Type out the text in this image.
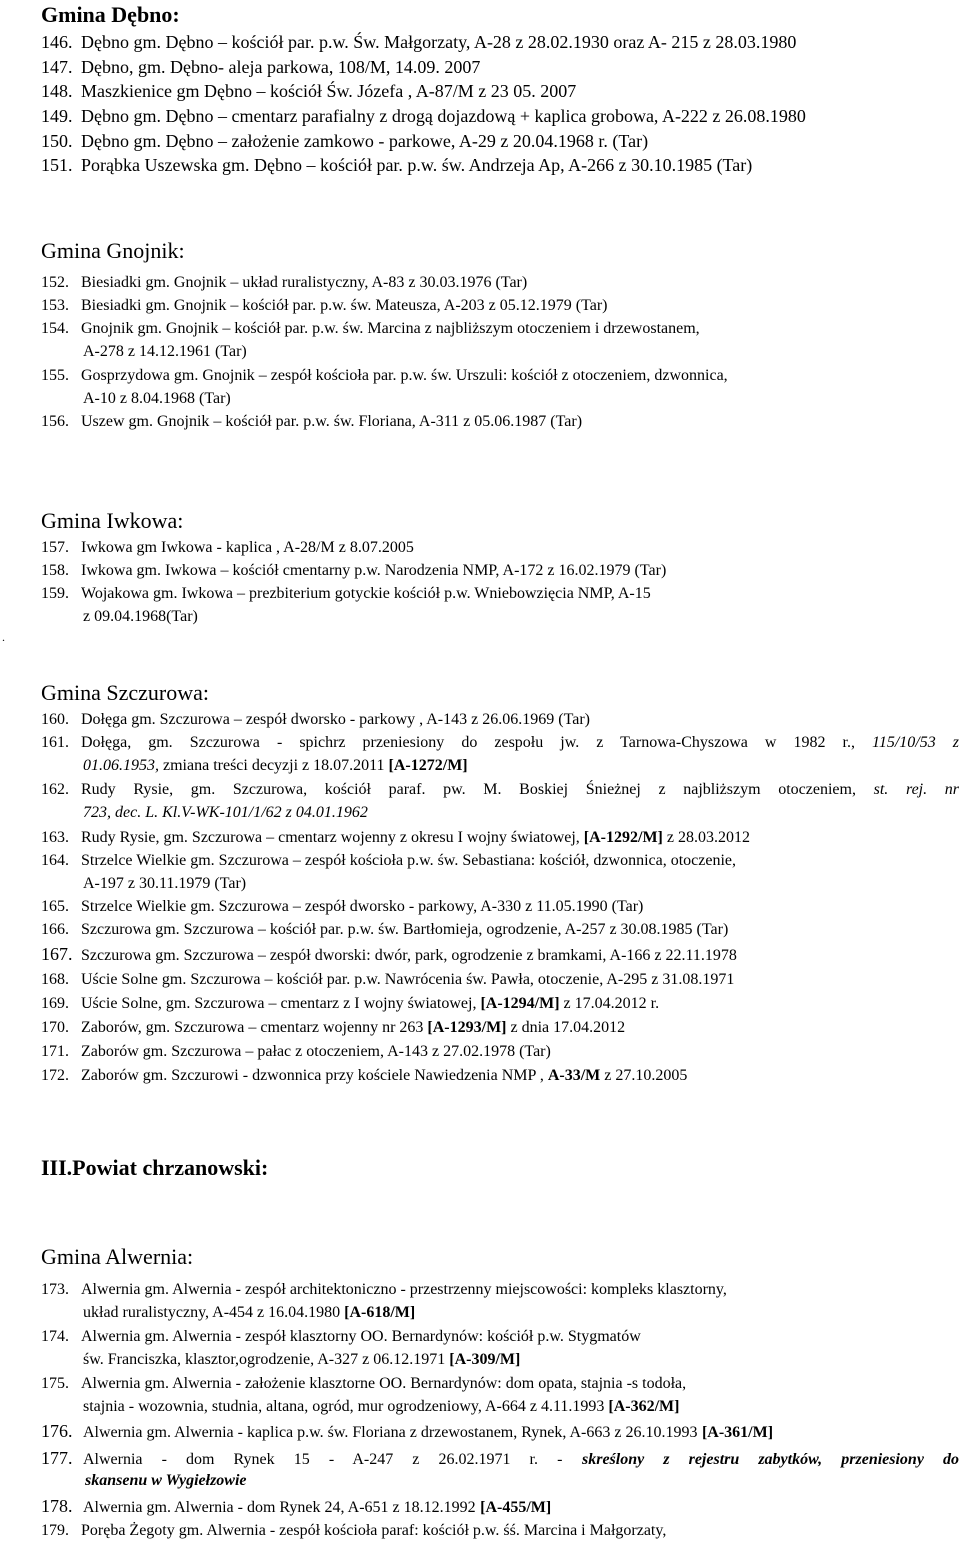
Gmina Dębno:
146. Dębno gm. Dębno – kościół par. p.w. Św. Małgorzaty, A-28 z 28.02.1930 oraz A- 215 z 28.03.1980
147. Dębno, gm. Dębno- aleja parkowa, 108/M, 14.09. 2007
148. Maszkienice gm Dębno – kościół Św. Józefa , A-87/M z 23 05. 2007
149. Dębno gm. Dębno – cmentarz parafialny z drogą dojazdową + kaplica grobowa, A-222 z 26.08.1980
150. Dębno gm. Dębno – założenie zamkowo - parkowe, A-29 z 20.04.1968 r. (Tar)
151. Porąbka Uszewska gm. Dębno – kościół par. p.w. św. Andrzeja Ap, A-266 z 30.10.1985 (Tar)
Gmina Gnojnik:
152. Biesiadki gm. Gnojnik – układ ruralistyczny, A-83 z 30.03.1976 (Tar)
153. Biesiadki gm. Gnojnik – kościół par. p.w. św. Mateusza, A-203 z 05.12.1979 (Tar)
154. Gnojnik gm. Gnojnik – kościół par. p.w. św. Marcina z najbliższym otoczeniem i drzewostanem,
A-278 z 14.12.1961 (Tar)
155. Gosprzydowa gm. Gnojnik – zespół kościoła par. p.w. św. Urszuli: kościół z otoczeniem, dzwonnica,
A-10 z 8.04.1968 (Tar)
156. Uszew gm. Gnojnik – kościół par. p.w. św. Floriana, A-311 z 05.06.1987 (Tar)
Gmina Iwkowa:
157. Iwkowa gm Iwkowa - kaplica , A-28/M z 8.07.2005
158. Iwkowa gm. Iwkowa – kościół cmentarny p.w. Narodzenia NMP, A-172 z 16.02.1979 (Tar)
159. Wojakowa gm. Iwkowa – prezbiterium gotyckie kościół p.w. Wniebowzięcia NMP, A-15
z 09.04.1968(Tar)
.
Gmina Szczurowa:
160. Dołęga gm. Szczurowa – zespół dworsko - parkowy , A-143 z 26.06.1969 (Tar)
161. Dołęga, gm. Szczurowa - spichrz przeniesiony do zespołu jw. z Tarnowa-Chyszowa w 1982 r., 115/10/53 z
01.06.1953, zmiana treści decyzji z 18.07.2011 [A-1272/M]
162. Rudy Rysie, gm. Szczurowa, kościół paraf. pw. M. Boskiej Śnieżnej z najbliższym otoczeniem, st. rej. nr
723, dec. L. Kl.V-WK-101/1/62 z 04.01.1962
163. Rudy Rysie, gm. Szczurowa – cmentarz wojenny z okresu I wojny światowej, [A-1292/M] z 28.03.2012
164. Strzelce Wielkie gm. Szczurowa – zespół kościoła p.w. św. Sebastiana: kościół, dzwonnica, otoczenie,
A-197 z 30.11.1979 (Tar)
165. Strzelce Wielkie gm. Szczurowa – zespół dworsko - parkowy, A-330 z 11.05.1990 (Tar)
166. Szczurowa gm. Szczurowa – kościół par. p.w. św. Bartłomieja, ogrodzenie, A-257 z 30.08.1985 (Tar)
167. Szczurowa gm. Szczurowa – zespół dworski: dwór, park, ogrodzenie z bramkami, A-166 z 22.11.1978
168. Uście Solne gm. Szczurowa – kościół par. p.w. Nawrócenia św. Pawła, otoczenie, A-295 z 31.08.1971
169. Uście Solne, gm. Szczurowa – cmentarz z I wojny światowej, [A-1294/M] z 17.04.2012 r.
170. Zaborów, gm. Szczurowa – cmentarz wojenny nr 263 [A-1293/M] z dnia 17.04.2012
171. Zaborów gm. Szczurowa – pałac z otoczeniem, A-143 z 27.02.1978 (Tar)
172. Zaborów gm. Szczurowi - dzwonnica przy kościele Nawiedzenia NMP , A-33/M z 27.10.2005
III.Powiat chrzanowski:
Gmina Alwernia:
173. Alwernia gm. Alwernia - zespół architektoniczno - przestrzenny miejscowości: kompleks klasztorny,
układ ruralistyczny, A-454 z 16.04.1980 [A-618/M]
174. Alwernia gm. Alwernia - zespół klasztorny OO. Bernardynów: kościół p.w. Stygmatów
św. Franciszka, klasztor,ogrodzenie, A-327 z 06.12.1971 [A-309/M]
175. Alwernia gm. Alwernia - założenie klasztorne OO. Bernardynów: dom opata, stajnia -s todoła,
stajnia - wozownia, studnia, altana, ogród, mur ogrodzeniowy, A-664 z 4.11.1993 [A-362/M]
176. Alwernia gm. Alwernia - kaplica p.w. św. Floriana z drzewostanem, Rynek, A-663 z 26.10.1993 [A-361/M]
177. Alwernia - dom Rynek 15 - A-247 z 26.02.1971 r. - skreślony z rejestru zabytków, przeniesiony do
skansenu w Wygiełzowie
178. Alwernia gm. Alwernia - dom Rynek 24, A-651 z 18.12.1992 [A-455/M]
179. Poręba Żegoty gm. Alwernia - zespół kościoła paraf: kościół p.w. śś. Marcina i Małgorzaty,
